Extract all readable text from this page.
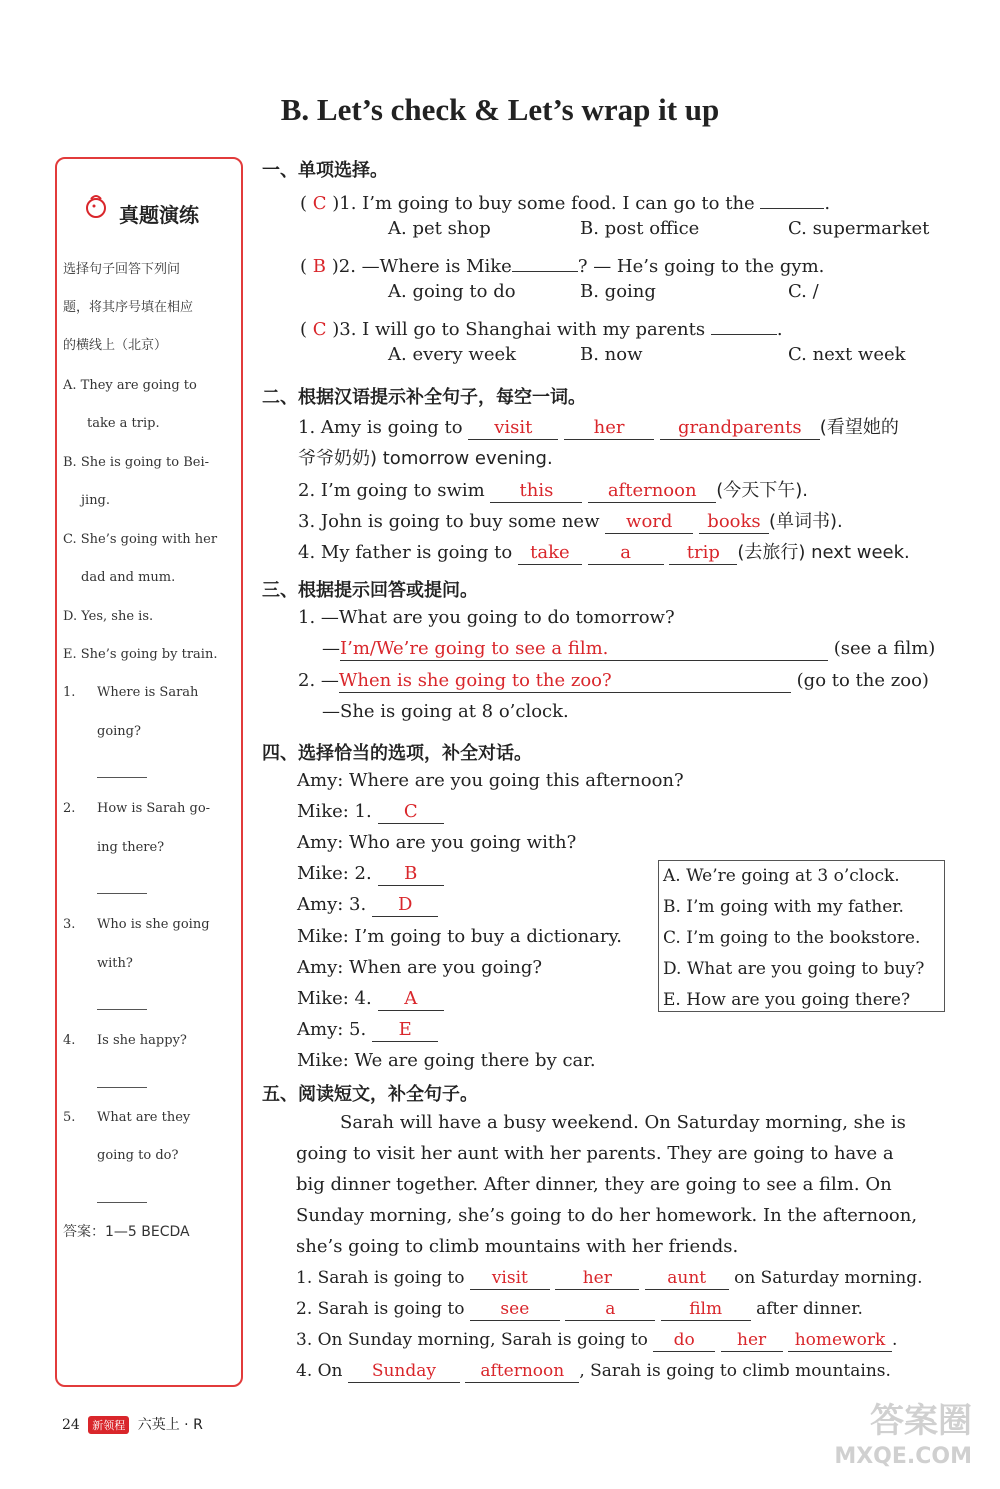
B. Let’s check & Let’s wrap it up
真题演练
选择句子回答下列问
题，将其序号填在相应
的横线上（北京）
A. They are going to
take a trip.
B. She is going to Bei-
jing.
C. She’s going with her
dad and mum.
D. Yes, she is.
E. She’s going by train.
1. Where is Sarah
going?
2. How is Sarah go-
ing there?
3. Who is she going
with?
4. Is she happy?
5. What are they
going to do?
答案：1—5 BECDA
一、单项选择。
( C )1. I’m going to buy some food. I can go to the	.
A. pet shop	B. post office	C. supermarket
( B )2. —Where is Mike	? — He’s going to the gym.
A. going to do	B. going	C. /
( C )3. I will go to Shanghai with my parents	.
A. every week	B. now	C. next week
二、根据汉语提示补全句子，每空一词。
1. Amy is going to visit	her	grandparents (看望她的
爷爷奶奶) tomorrow evening.
2. I’m going to swim this	afternoon (今天下午).
3. John is going to buy some new word books (单词书).
4. My father is going to take	a	trip (去旅行) next week.
三、根据提示回答或提问。
1. —What are you going to do tomorrow?
—I’m/We’re going to see a film.	(see a film)
2. —When is she going to the zoo?	(go to the zoo)
—She is going at 8 o’clock.
四、选择恰当的选项，补全对话。
Amy: Where are you going this afternoon?
Mike: 1. C
Amy: Who are you going with?
Mike: 2. B
Amy: 3. D
Mike: I’m going to buy a dictionary.
Amy: When are you going?
Mike: 4. A
Amy: 5. E
Mike: We are going there by car.
A. We’re going at 3 o’clock.
B. I’m going with my father.
C. I’m going to the bookstore.
D. What are you going to buy?
E. How are you going there?
五、阅读短文，补全句子。
Sarah will have a busy weekend. On Saturday morning, she is
going to visit her aunt with her parents. They are going to have a
big dinner together. After dinner, they are going to see a film. On
Sunday morning, she’s going to do her homework. In the afternoon,
she’s going to climb mountains with her friends.
1. Sarah is going to visit	her	aunt on Saturday morning.
2. Sarah is going to see	a	film after dinner.
3. On Sunday morning, Sarah is going to do her homework .
4. On Sunday	afternoon , Sarah is going to climb mountains.
24 新领程 六英上 · R	答案圈
MXQE.COM
